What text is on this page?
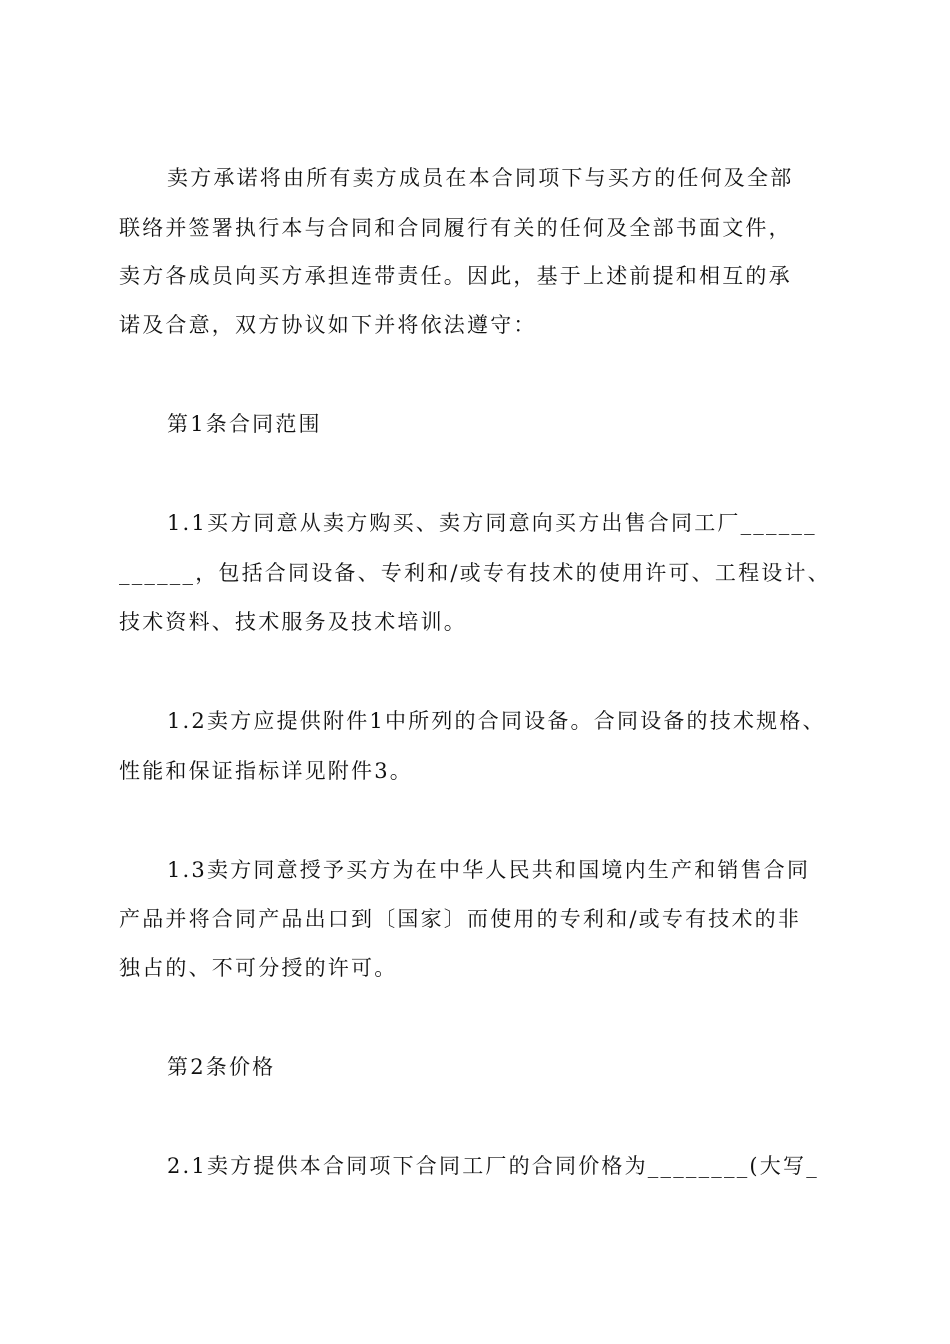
卖方承诺将由所有卖方成员在本合同项下与买方的任何及全部
联络并签署执行本与合同和合同履行有关的任何及全部书面文件，
卖方各成员向买方承担连带责任。因此，基于上述前提和相互的承
诺及合意，双方协议如下并将依法遵守：
第1条合同范围
1.1买方同意从卖方购买、卖方同意向买方出售合同工厂______
______，包括合同设备、专利和/或专有技术的使用许可、工程设计、
技术资料、技术服务及技术培训。
1.2卖方应提供附件1中所列的合同设备。合同设备的技术规格、
性能和保证指标详见附件3。
1.3卖方同意授予买方为在中华人民共和国境内生产和销售合同
产品并将合同产品出口到〔国家〕而使用的专利和/或专有技术的非
独占的、不可分授的许可。
第2条价格
2.1卖方提供本合同项下合同工厂的合同价格为________(大写_
